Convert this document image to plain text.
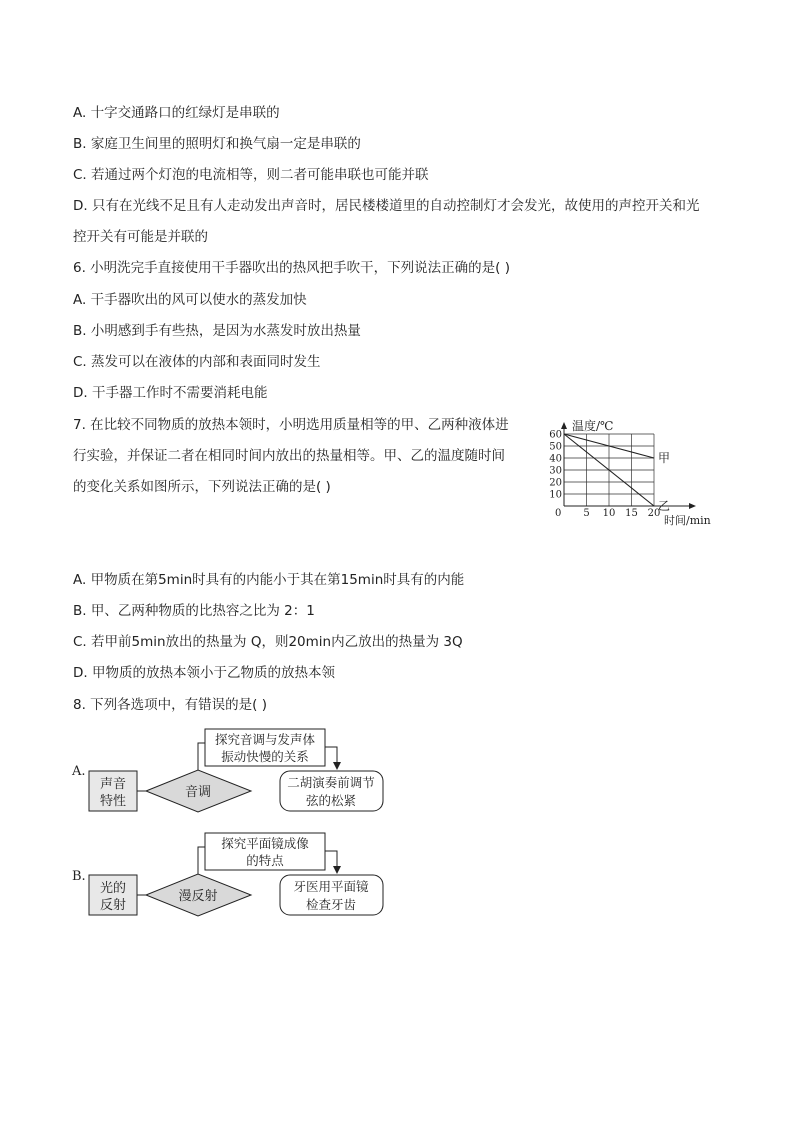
A. 十字交通路口的红绿灯是串联的
B. 家庭卫生间里的照明灯和换气扇一定是串联的
C. 若通过两个灯泡的电流相等，则二者可能串联也可能并联
D. 只有在光线不足且有人走动发出声音时，居民楼楼道里的自动控制灯才会发光，故使用的声控开关和光
控开关有可能是并联的
6. 小明洗完手直接使用干手器吹出的热风把手吹干，下列说法正确的是( )
A. 干手器吹出的风可以使水的蒸发加快
B. 小明感到手有些热，是因为水蒸发时放出热量
C. 蒸发可以在液体的内部和表面同时发生
D. 干手器工作时不需要消耗电能
7. 在比较不同物质的放热本领时，小明选用质量相等的甲、乙两种液体进
行实验，并保证二者在相同时间内放出的热量相等。甲、乙的温度随时间
的变化关系如图所示，下列说法正确的是( )
A. 甲物质在第5min时具有的内能小于其在第15min时具有的内能
B. 甲、乙两种物质的比热容之比为 2：1
C. 若甲前5min放出的热量为 Q，则20min内乙放出的热量为 3Q
D. 甲物质的放热本领小于乙物质的放热本领
8. 下列各选项中，有错误的是( )
甲
乙
5 10 15 20
10
20
30
40
50
60
温度/℃
时间/min
0
A.
声音
特性
音调
探究音调与发声体
振动快慢的关系
二胡演奏前调节
弦的松紧
B.
光的
反射
漫反射
探究平面镜成像
的特点
牙医用平面镜
检查牙齿
